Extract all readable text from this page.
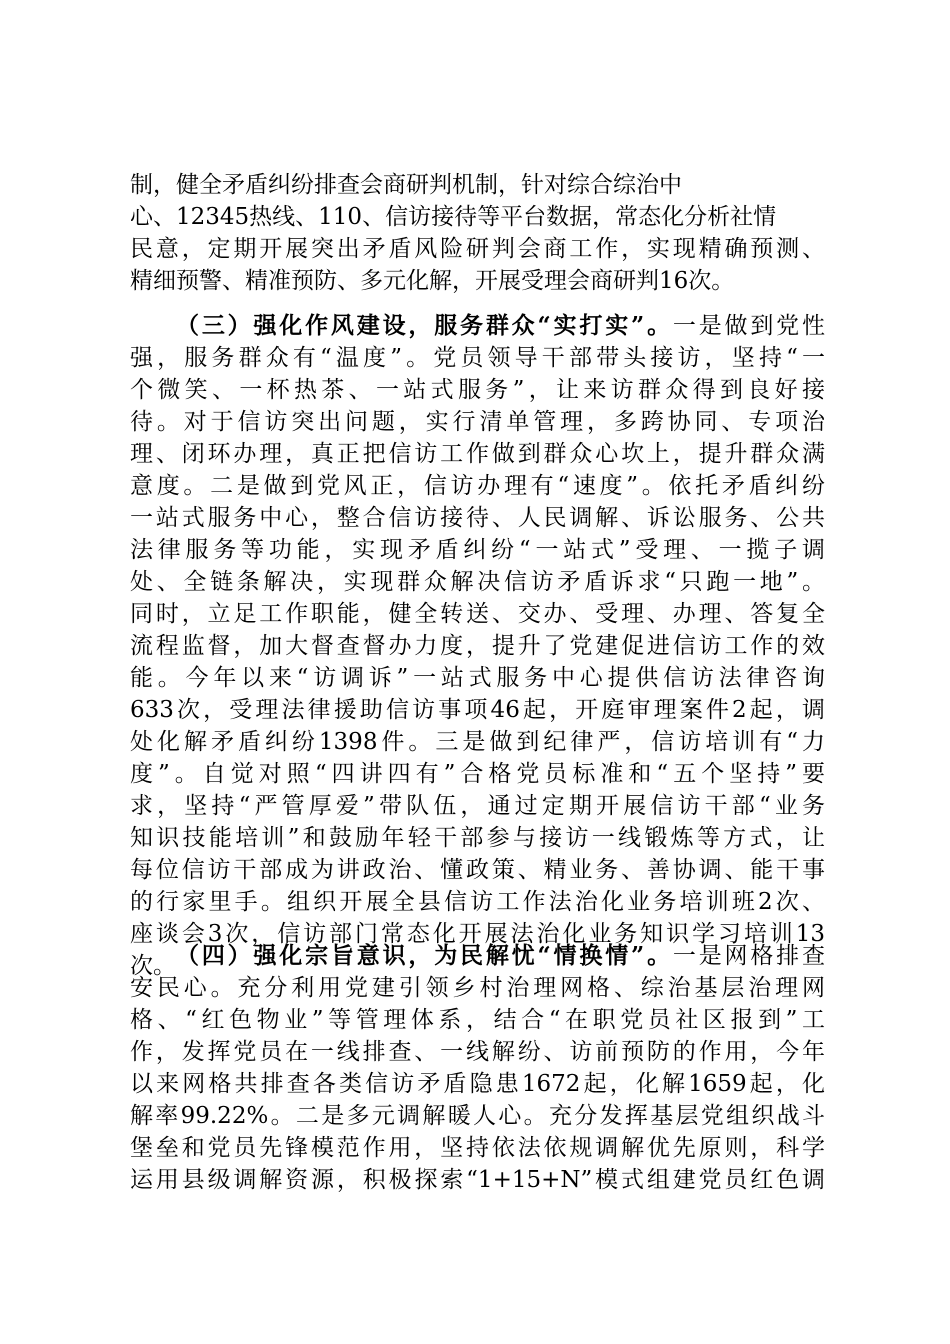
制，健全矛盾纠纷排查会商研判机制，针对综合综治中
心、12345热线、110、信访接待等平台数据，常态化分析社情
民意，定期开展突出矛盾风险研判会商工作，实现精确预测、
精细预警、精准预防、多元化解，开展受理会商研判16次。
（三）强化作风建设，服务群众“实打实”。一是做到党性
强，服务群众有“温度”。党员领导干部带头接访，坚持“一
个微笑、一杯热茶、一站式服务”，让来访群众得到良好接
待。对于信访突出问题，实行清单管理，多跨协同、专项治
理、闭环办理，真正把信访工作做到群众心坎上，提升群众满
意度。二是做到党风正，信访办理有“速度”。依托矛盾纠纷
一站式服务中心，整合信访接待、人民调解、诉讼服务、公共
法律服务等功能，实现矛盾纠纷“一站式”受理、一揽子调
处、全链条解决，实现群众解决信访矛盾诉求“只跑一地”。
同时，立足工作职能，健全转送、交办、受理、办理、答复全
流程监督，加大督查督办力度，提升了党建促进信访工作的效
能。今年以来“访调诉”一站式服务中心提供信访法律咨询
633次，受理法律援助信访事项46起，开庭审理案件2起，调
处化解矛盾纠纷1398件。三是做到纪律严，信访培训有“力
度”。自觉对照“四讲四有”合格党员标准和“五个坚持”要
求，坚持“严管厚爱”带队伍，通过定期开展信访干部“业务
知识技能培训”和鼓励年轻干部参与接访一线锻炼等方式，让
每位信访干部成为讲政治、懂政策、精业务、善协调、能干事
的行家里手。组织开展全县信访工作法治化业务培训班2次、
座谈会3次，信访部门常态化开展法治化业务知识学习培训13
次。 （四）强化宗旨意识，为民解忧“情换情”。一是网格排查
安民心。充分利用党建引领乡村治理网格、综治基层治理网
格、“红色物业”等管理体系，结合“在职党员社区报到”工
作，发挥党员在一线排查、一线解纷、访前预防的作用，今年
以来网格共排查各类信访矛盾隐患1672起，化解1659起，化
解率99.22%。二是多元调解暖人心。充分发挥基层党组织战斗
堡垒和党员先锋模范作用，坚持依法依规调解优先原则，科学
运用县级调解资源，积极探索“1+15+N”模式组建党员红色调
